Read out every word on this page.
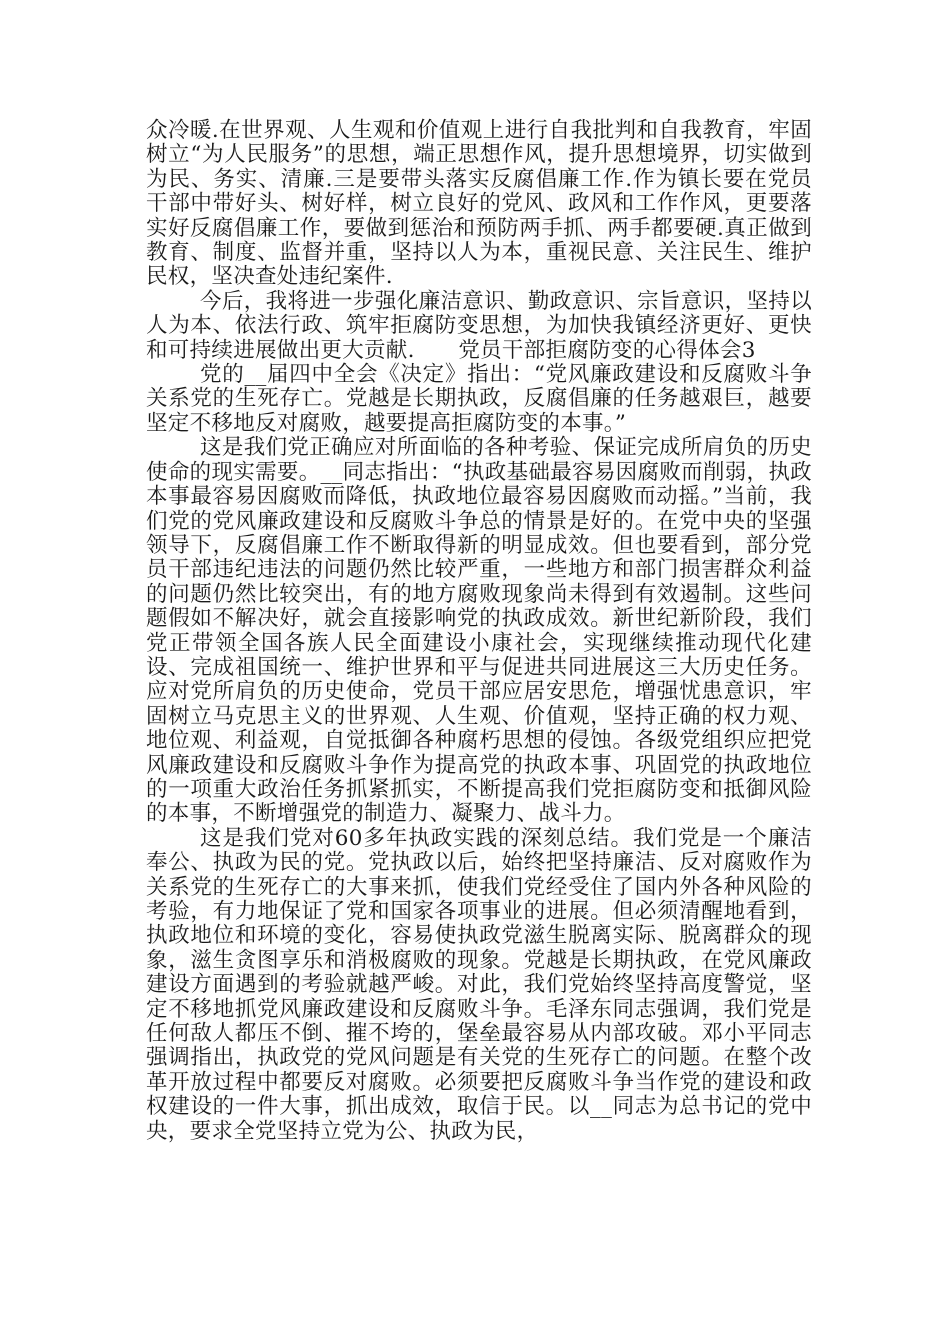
众冷暖.在世界观、人生观和价值观上进行自我批判和自我教育，牢固树立“为人民服务”的思想，端正思想作风，提升思想境界，切实做到为民、务实、清廉.三是要带头落实反腐倡廉工作.作为镇长要在党员干部中带好头、树好样，树立良好的党风、政风和工作作风，更要落实好反腐倡廉工作，要做到惩治和预防两手抓、两手都要硬.真正做到教育、制度、监督并重，坚持以人为本，重视民意、关注民生、维护民权，坚决查处违纪案件.

今后，我将进一步强化廉洁意识、勤政意识、宗旨意识，坚持以人为本、依法行政、筑牢拒腐防变思想，为加快我镇经济更好、更快和可持续进展做出更大贡献.　　党员干部拒腐防变的心得体会3

党的__届四中全会《决定》指出：“党风廉政建设和反腐败斗争关系党的生死存亡。党越是长期执政，反腐倡廉的任务越艰巨，越要坚定不移地反对腐败，越要提高拒腐防变的本事。”

这是我们党正确应对所面临的各种考验、保证完成所肩负的历史使命的现实需要。__同志指出：“执政基础最容易因腐败而削弱，执政本事最容易因腐败而降低，执政地位最容易因腐败而动摇。”当前，我们党的党风廉政建设和反腐败斗争总的情景是好的。在党中央的坚强领导下，反腐倡廉工作不断取得新的明显成效。但也要看到，部分党员干部违纪违法的问题仍然比较严重，一些地方和部门损害群众利益的问题仍然比较突出，有的地方腐败现象尚未得到有效遏制。这些问题假如不解决好，就会直接影响党的执政成效。新世纪新阶段，我们党正带领全国各族人民全面建设小康社会，实现继续推动现代化建设、完成祖国统一、维护世界和平与促进共同进展这三大历史任务。应对党所肩负的历史使命，党员干部应居安思危，增强忧患意识，牢固树立马克思主义的世界观、人生观、价值观，坚持正确的权力观、地位观、利益观，自觉抵御各种腐朽思想的侵蚀。各级党组织应把党风廉政建设和反腐败斗争作为提高党的执政本事、巩固党的执政地位的一项重大政治任务抓紧抓实，不断提高我们党拒腐防变和抵御风险的本事，不断增强党的制造力、凝聚力、战斗力。

这是我们党对60多年执政实践的深刻总结。我们党是一个廉洁奉公、执政为民的党。党执政以后，始终把坚持廉洁、反对腐败作为关系党的生死存亡的大事来抓，使我们党经受住了国内外各种风险的考验，有力地保证了党和国家各项事业的进展。但必须清醒地看到，执政地位和环境的变化，容易使执政党滋生脱离实际、脱离群众的现象，滋生贪图享乐和消极腐败的现象。党越是长期执政，在党风廉政建设方面遇到的考验就越严峻。对此，我们党始终坚持高度警觉，坚定不移地抓党风廉政建设和反腐败斗争。毛泽东同志强调，我们党是任何敌人都压不倒、摧不垮的，堡垒最容易从内部攻破。邓小平同志强调指出，执政党的党风问题是有关党的生死存亡的问题。在整个改革开放过程中都要反对腐败。必须要把反腐败斗争当作党的建设和政权建设的一件大事，抓出成效，取信于民。以__同志为总书记的党中央，要求全党坚持立党为公、执政为民，
